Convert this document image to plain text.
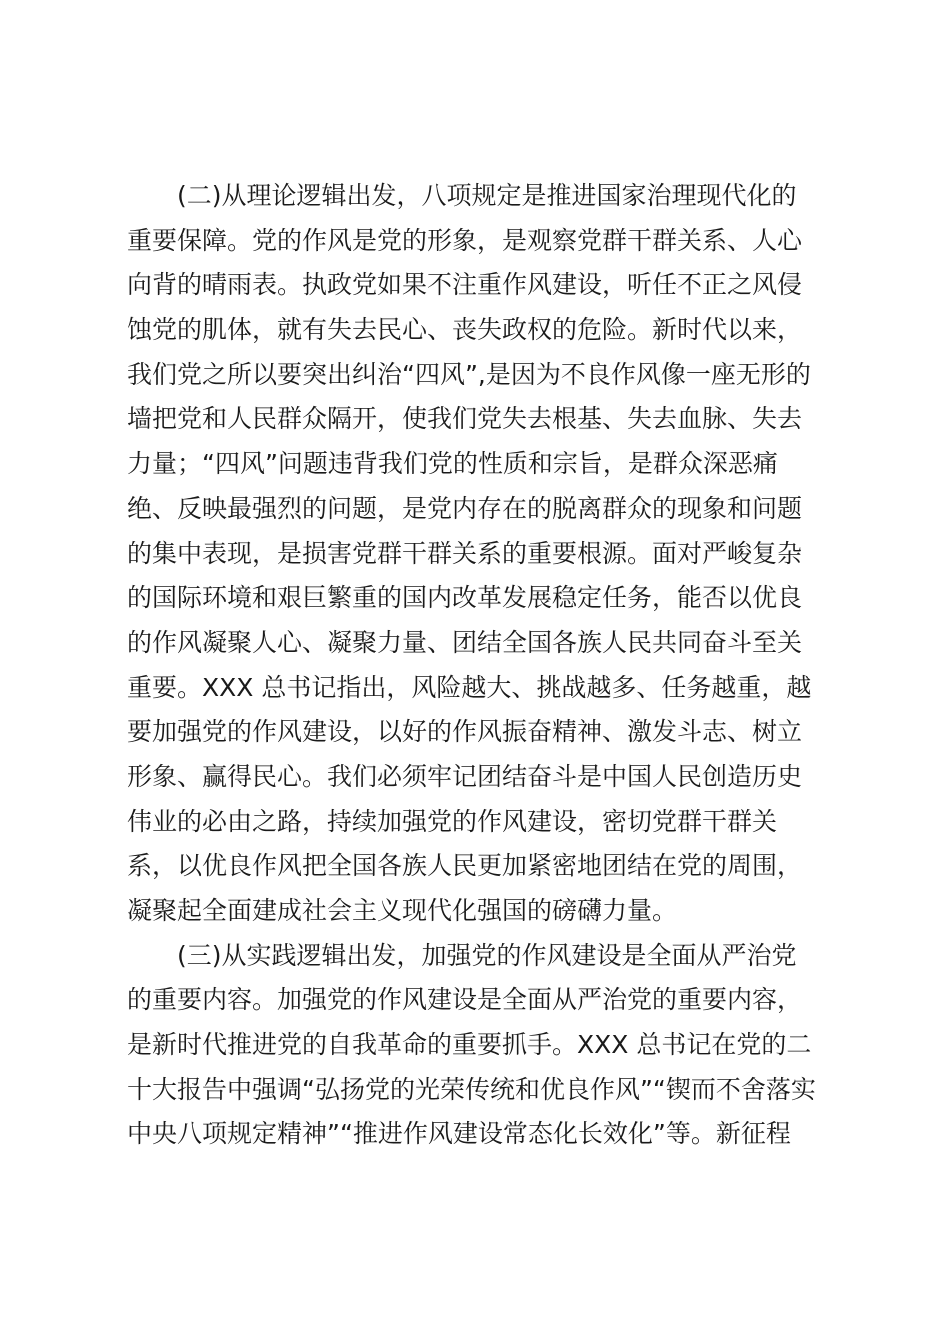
(二)从理论逻辑出发，八项规定是推进国家治理现代化的
重要保障。党的作风是党的形象，是观察党群干群关系、人心
向背的晴雨表。执政党如果不注重作风建设，听任不正之风侵
蚀党的肌体，就有失去民心、丧失政权的危险。新时代以来，
我们党之所以要突出纠治“四风”,是因为不良作风像一座无形的
墙把党和人民群众隔开，使我们党失去根基、失去血脉、失去
力量；“四风”问题违背我们党的性质和宗旨，是群众深恶痛
绝、反映最强烈的问题，是党内存在的脱离群众的现象和问题
的集中表现，是损害党群干群关系的重要根源。面对严峻复杂
的国际环境和艰巨繁重的国内改革发展稳定任务，能否以优良
的作风凝聚人心、凝聚力量、团结全国各族人民共同奋斗至关
重要。XXX 总书记指出，风险越大、挑战越多、任务越重，越
要加强党的作风建设，以好的作风振奋精神、激发斗志、树立
形象、赢得民心。我们必须牢记团结奋斗是中国人民创造历史
伟业的必由之路，持续加强党的作风建设，密切党群干群关
系，以优良作风把全国各族人民更加紧密地团结在党的周围，
凝聚起全面建成社会主义现代化强国的磅礴力量。
(三)从实践逻辑出发，加强党的作风建设是全面从严治党
的重要内容。加强党的作风建设是全面从严治党的重要内容，
是新时代推进党的自我革命的重要抓手。XXX 总书记在党的二
十大报告中强调“弘扬党的光荣传统和优良作风”“锲而不舍落实
中央八项规定精神”“推进作风建设常态化长效化”等。新征程
